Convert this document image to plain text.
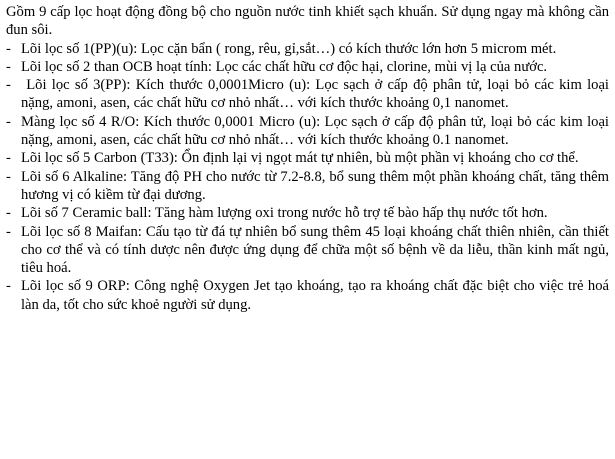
Gồm 9 cấp lọc hoạt động đồng bộ cho nguồn nước tinh khiết sạch khuẩn. Sử dụng ngay mà không cần đun sôi.

- Lõi lọc số 1(PP)(u): Lọc cặn bẩn ( rong, rêu, gỉ,sắt…) có kích thước lớn hơn 5 microm mét.
- Lõi lọc số 2 than OCB hoạt tính: Lọc các chất hữu cơ độc hại, clorine, mùi vị lạ của nước.
- Lõi lọc số 3(PP): Kích thước 0,0001Micro (u): Lọc sạch ở cấp độ phân tử, loại bỏ các kim loại nặng, amoni, asen, các chất hữu cơ nhỏ nhất… với kích thước khoảng 0,1 nanomet.
- Màng lọc số 4 R/O: Kích thước 0,0001 Micro (u): Lọc sạch ở cấp độ phân tử, loại bỏ các kim loại nặng, amoni, asen, các chất hữu cơ nhỏ nhất… với kích thước khoảng 0.1 nanomet.
- Lõi lọc số 5 Carbon (T33): Ổn định lại vị ngọt mát tự nhiên, bù một phần vị khoáng cho cơ thể.
- Lõi số 6 Alkaline: Tăng độ PH cho nước từ 7.2-8.8, bổ sung thêm một phần khoáng chất, tăng thêm hương vị có kiềm từ đại dương.
- Lõi số 7 Ceramic ball: Tăng hàm lượng oxi trong nước hỗ trợ tế bào hấp thụ nước tốt hơn.
- Lõi lọc số 8 Maifan: Cấu tạo từ đá tự nhiên bổ sung thêm 45 loại khoáng chất thiên nhiên, cần thiết cho cơ thể và có tính dược nên được ứng dụng để chữa một số bệnh về da liễu, thần kinh mất ngủ, tiêu hoá.
- Lõi lọc số 9 ORP: Công nghệ Oxygen Jet tạo khoáng, tạo ra khoáng chất đặc biệt cho việc trẻ hoá làn da, tốt cho sức khoẻ người sử dụng.
